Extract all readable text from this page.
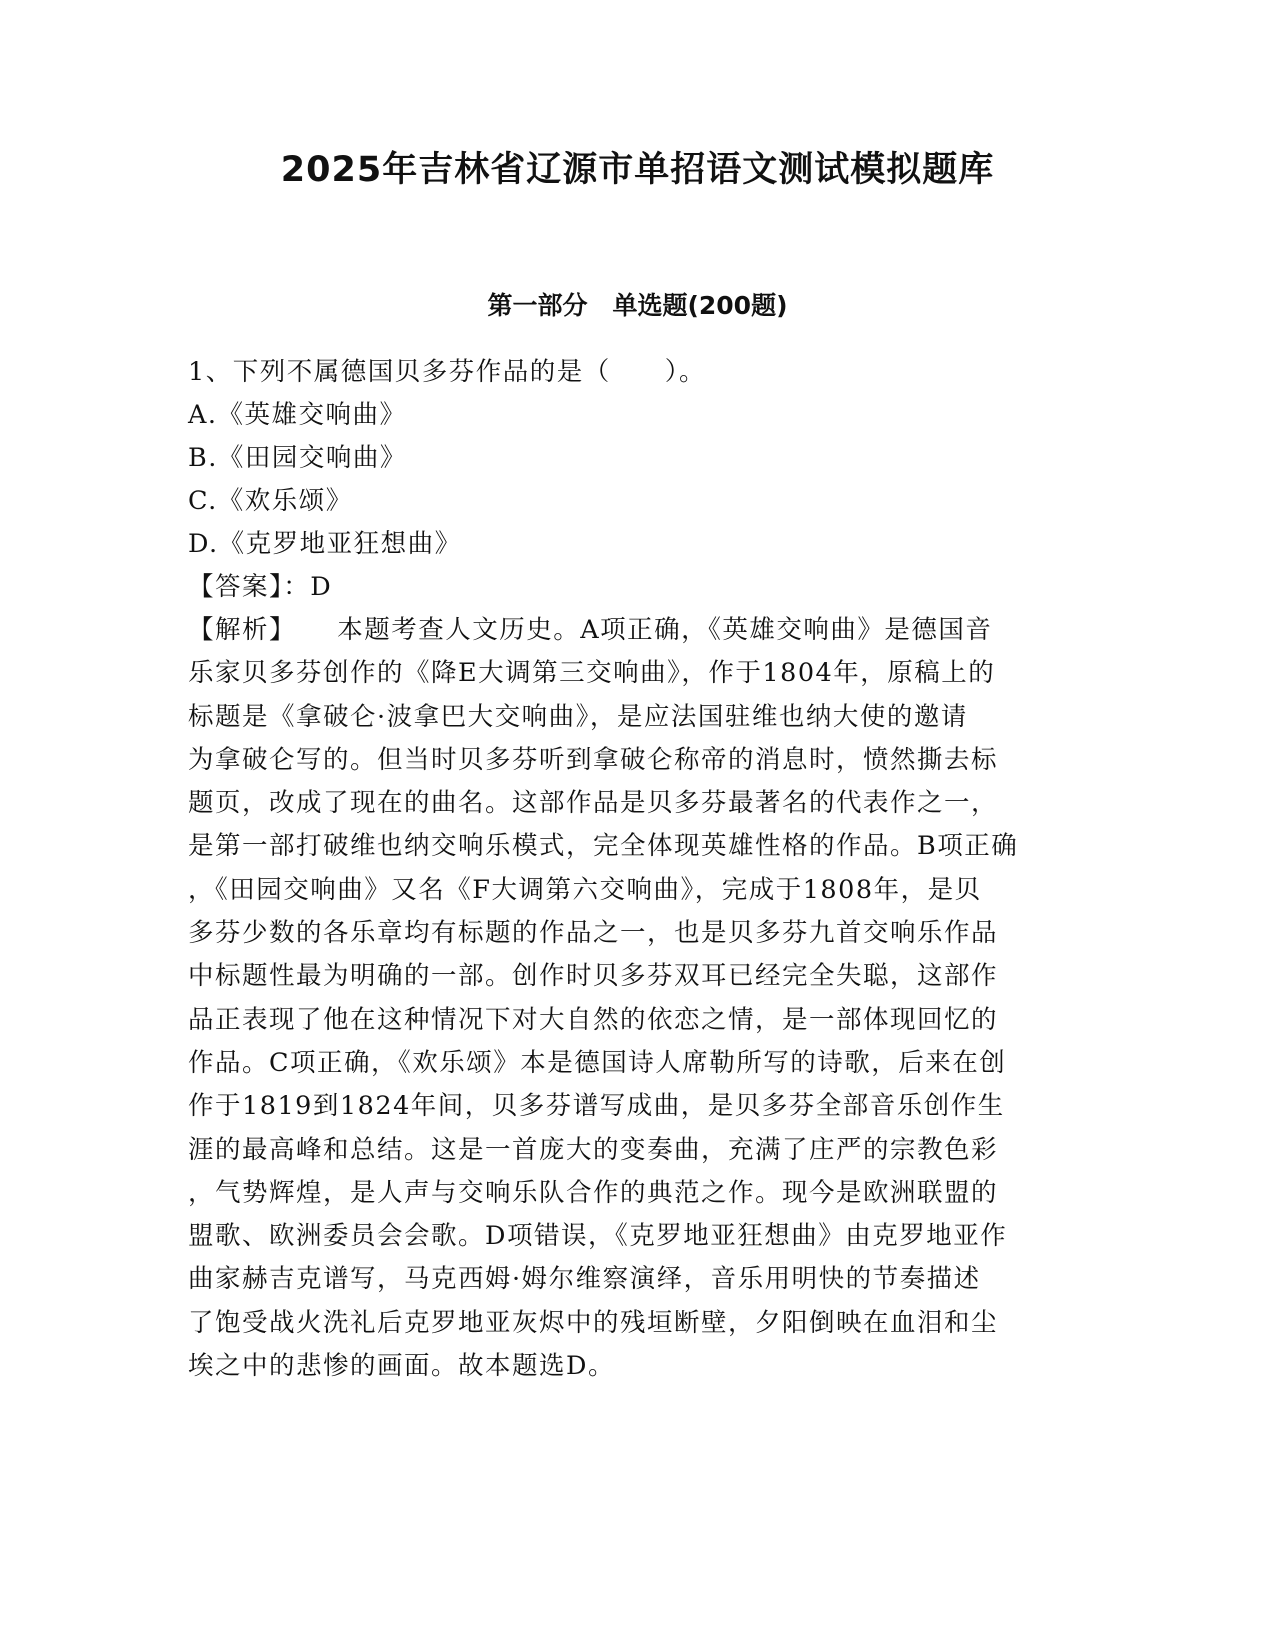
2025年吉林省辽源市单招语文测试模拟题库
第一部分　单选题(200题)
1、下列不属德国贝多芬作品的是（　　）。
A.《英雄交响曲》
B.《田园交响曲》
C.《欢乐颂》
D.《克罗地亚狂想曲》
【答案】：D
【解析】　　本题考查人文历史。A项正确，《英雄交响曲》是德国音
乐家贝多芬创作的《降E大调第三交响曲》，作于1804年，原稿上的
标题是《拿破仑·波拿巴大交响曲》，是应法国驻维也纳大使的邀请
为拿破仑写的。但当时贝多芬听到拿破仑称帝的消息时，愤然撕去标
题页，改成了现在的曲名。这部作品是贝多芬最著名的代表作之一，
是第一部打破维也纳交响乐模式，完全体现英雄性格的作品。B项正确
，《田园交响曲》又名《F大调第六交响曲》，完成于1808年，是贝
多芬少数的各乐章均有标题的作品之一，也是贝多芬九首交响乐作品
中标题性最为明确的一部。创作时贝多芬双耳已经完全失聪，这部作
品正表现了他在这种情况下对大自然的依恋之情，是一部体现回忆的
作品。C项正确，《欢乐颂》本是德国诗人席勒所写的诗歌，后来在创
作于1819到1824年间，贝多芬谱写成曲，是贝多芬全部音乐创作生
涯的最高峰和总结。这是一首庞大的变奏曲，充满了庄严的宗教色彩
，气势辉煌，是人声与交响乐队合作的典范之作。现今是欧洲联盟的
盟歌、欧洲委员会会歌。D项错误，《克罗地亚狂想曲》由克罗地亚作
曲家赫吉克谱写，马克西姆·姆尔维察演绎，音乐用明快的节奏描述
了饱受战火洗礼后克罗地亚灰烬中的残垣断壁，夕阳倒映在血泪和尘
埃之中的悲惨的画面。故本题选D。
